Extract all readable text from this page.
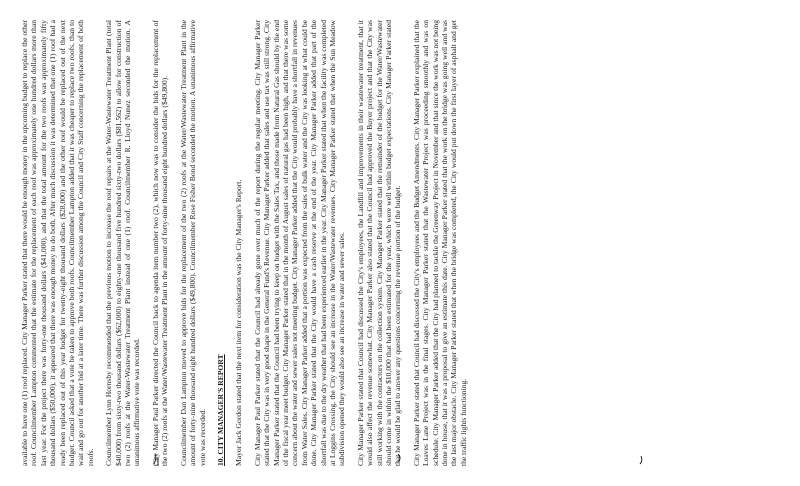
available to have one (1) roof replaced. City Manager Parker stated that there would be enough money in the upcoming budget to replace the other roof. Councilmember Lampton commented that the estimate for the replacement of each roof was approximately one hundred dollars more than last year. For the project there was forty-one thousand dollars ($41,000), and that the total amount for the two roofs was approximately fifty thousand dollars ($50,000), it appeared that there was enough money to do both. After much discussion it was determined that one (1) roof had a ready been replaced out of this year budget for twenty-eight thousand dollars ($28,000) and the other roof would be replaced out of the next budget. Council asked that a vote be taken to approve both roofs. Councilmember Lampton added that it was cheaper to replace two roofs, than to wait and go out for another bid at a later time. There was further discussion among the Council and City Staff concerning the replacement of both roofs. Councilmember Lynn Hornsby recommended that the previous motion to increase the roof repairs at the Water-Wastewater Treatment Plant (total $40,000) from sixty-two thousand dollars ($62,000) to eighty-one thousand five hundred sixty-two dollars ($81,562) to allow for construction of two (2) roofs at the Water-Wastewater Treatment Plant instead of one (1) roof. Councilmember R. Lloyd Nunez seconded the motion. A unanimous affirmative vote was recorded. City Manager Paul Parker directed the Council back to agenda item number two (2), which now was to consider the bids for the replacement of the two (2) roofs at the Water/Wastewater Treatment Plant in the amount of forty-nine thousand eight hundred dollars ($49,800). Councilmember Dan Lampton moved to approve bids for the replacement of the two (2) roofs at the Water/Wastewater Treatment Plant in the amount of forty-nine thousand eight hundred dollars ($49,800). Councilmember Rose Fisher Bond seconded the motion. A unanimous affirmative vote was recorded. 10. CITY MANAGER'S REPORT Mayor Jack Gordon stated that the next item for consideration was the City Manager's Report. City Manager Paul Parker stated that the Council had already gone over much of the report during the regular meeting. City Manager Parker stated that the City was in very good shape in the General Fund's Revenue. City Manager Parker added that sales and use tax was still strong. City Manager Parker stated that the Council had been trying to keep on budget with the Sales Tax, and those made from Natural Gas should by the end of the fiscal year meet budget. City Manager Parker stated that in the month of August sales of natural gas had been high, and that there was some concern about the water and sewer sales not meeting budget. City Manager Parker added that the City would probably have a shortfall in revenues from Water Sales. City Manager Parker added that a portion was expected from the sales of bulk water and the City was looking at what could be done. City Manager Parker stated that the City would have a cash reserve at the end of the year. City Manager Parker added that part of the shortfall was due to the dry weather that had been experienced earlier in the year. City Manager Parker stated that when the facility was completed at Loggins Crossing, the City should see an increase in the Water/Wastewater revenues. City Manager Parker stated that when the Sun Meadow subdivision opened they would also see an increase in water and sewer sales. City Manager Parker stated that Council had discussed the City's employees, the Landfill and improvements in their wastewater treatment, that it would also affect the revenue somewhat. City Manager Parker also stated that the Council had approved the Buyer project and that the City was still working with the contractors on the collection system. City Manager Parker stated that the remainder of the budget for the Water/Wastewater should come in within the $10,000 that had been estimated for the year, which were well within budget expectations. City Manager Parker stated that he would be glad to answer any questions concerning the revenue portion of the budget. City Manager Parker stated that Council had discussed the City's employees and the Budget Amendments. City Manager Parker explained that the Loaves Lane Project was in the final stages. City Manager Parker stated that the Wastewater Project was proceeding smoothly and was on schedule. City Manager Parker added that the City had planned to tackle the Greenway Project in November and that since the work was not being done in house, that it was a proposal to give an estimate this date. City Manager Parker stated that the work on the bridge was going well and was the last major obstacle. City Manager Parker stated that when the bridge was completed, the City would put down the first layer of asphalt and get the traffic lights functioning.
